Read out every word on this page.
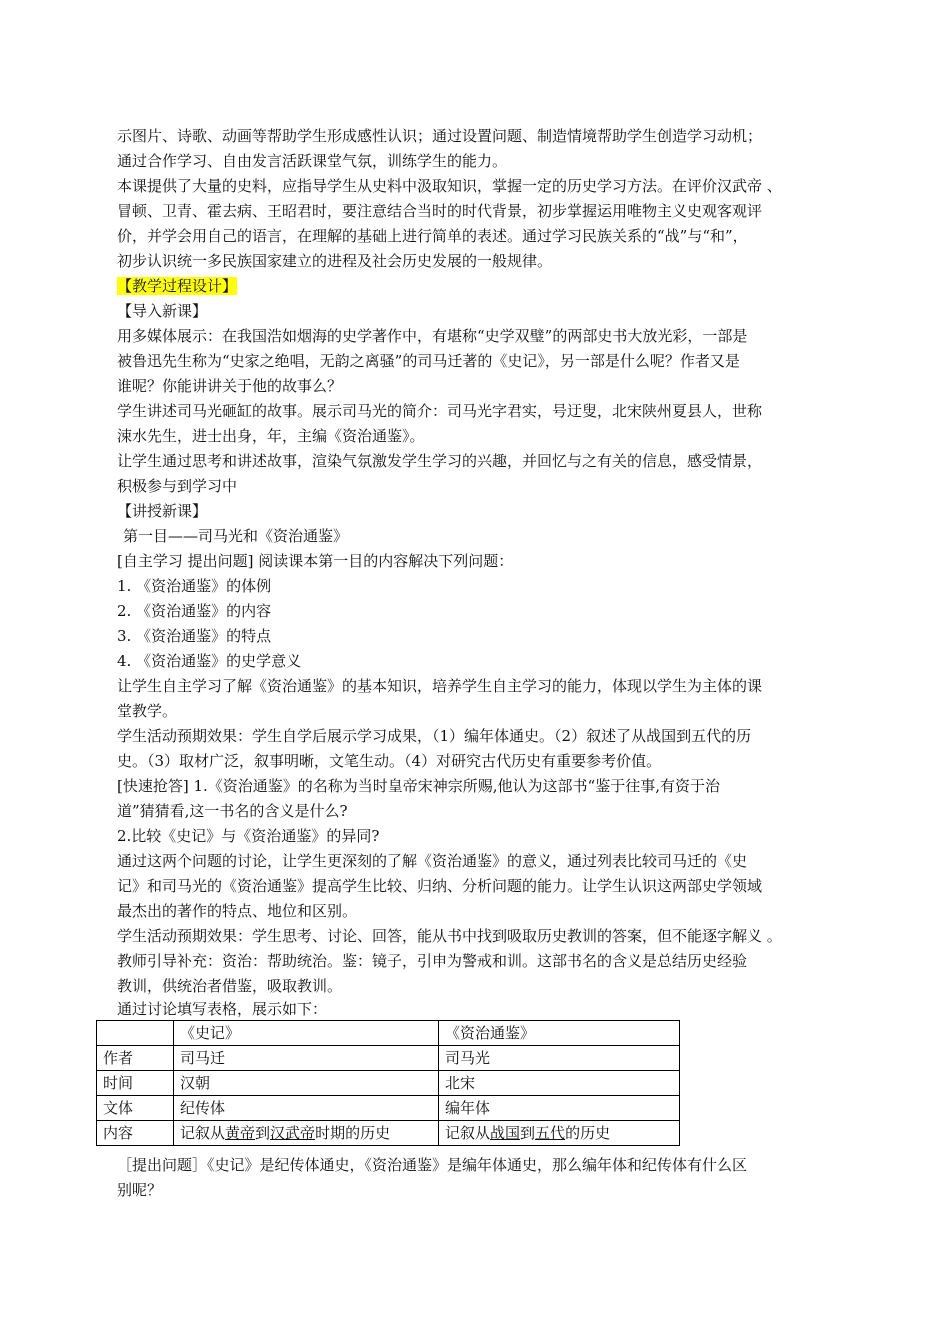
示图片、诗歌、动画等帮助学生形成感性认识；通过设置问题、制造情境帮助学生创造学习动机；
通过合作学习、自由发言活跃课堂气氛，训练学生的能力。
本课提供了大量的史料，应指导学生从史料中汲取知识，掌握一定的历史学习方法。在评价汉武帝 、
冒顿、卫青、霍去病、王昭君时，要注意结合当时的时代背景，初步掌握运用唯物主义史观客观评
价，并学会用自己的语言，在理解的基础上进行简单的表述。通过学习民族关系的“战”与“和”，
初步认识统一多民族国家建立的进程及社会历史发展的一般规律。
【教学过程设计】
【导入新课】
用多媒体展示：在我国浩如烟海的史学著作中，有堪称“史学双璧”的两部史书大放光彩，一部是
被鲁迅先生称为“史家之绝唱，无韵之离骚”的司马迁著的《史记》，另一部是什么呢？作者又是
谁呢？你能讲讲关于他的故事么？
学生讲述司马光砸缸的故事。展示司马光的简介：司马光字君实，号迂叟，北宋陕州夏县人，世称
涑水先生，进士出身，年，主编《资治通鉴》。
让学生通过思考和讲述故事，渲染气氛激发学生学习的兴趣，并回忆与之有关的信息，感受情景，
积极参与到学习中
【讲授新课】
第一目——司马光和《资治通鉴》
[自主学习 提出问题] 阅读课本第一目的内容解决下列问题：
1. 《资治通鉴》的体例
2. 《资治通鉴》的内容
3. 《资治通鉴》的特点
4. 《资治通鉴》的史学意义
让学生自主学习了解《资治通鉴》的基本知识，培养学生自主学习的能力，体现以学生为主体的课
堂教学。
学生活动预期效果：学生自学后展示学习成果，（1）编年体通史。（2）叙述了从战国到五代的历
史。（3）取材广泛，叙事明晰，文笔生动。（4）对研究古代历史有重要参考价值。
[快速抢答] 1.《资治通鉴》的名称为当时皇帝宋神宗所赐,他认为这部书“鉴于往事,有资于治
道”猜猜看,这一书名的含义是什么?
2.比较《史记》与《资治通鉴》的异同?
通过这两个问题的讨论，让学生更深刻的了解《资治通鉴》的意义，通过列表比较司马迁的《史
记》和司马光的《资治通鉴》提高学生比较、归纳、分析问题的能力。让学生认识这两部史学领域
最杰出的著作的特点、地位和区别。
学生活动预期效果：学生思考、讨论、回答，能从书中找到吸取历史教训的答案，但不能逐字解义 。
教师引导补充：资治：帮助统治。鉴：镜子，引申为警戒和训。这部书名的含义是总结历史经验
教训，供统治者借鉴，吸取教训。
通过讨论填写表格，展示如下：
	《史记》	《资治通鉴》
作者	司马迁	司马光
时间	汉朝	北宋
文体	纪传体	编年体
内容	记叙从黄帝到汉武帝时期的历史	记叙从战国到五代的历史
［提出问题］《史记》是纪传体通史，《资治通鉴》是编年体通史，那么编年体和纪传体有什么区
别呢？
